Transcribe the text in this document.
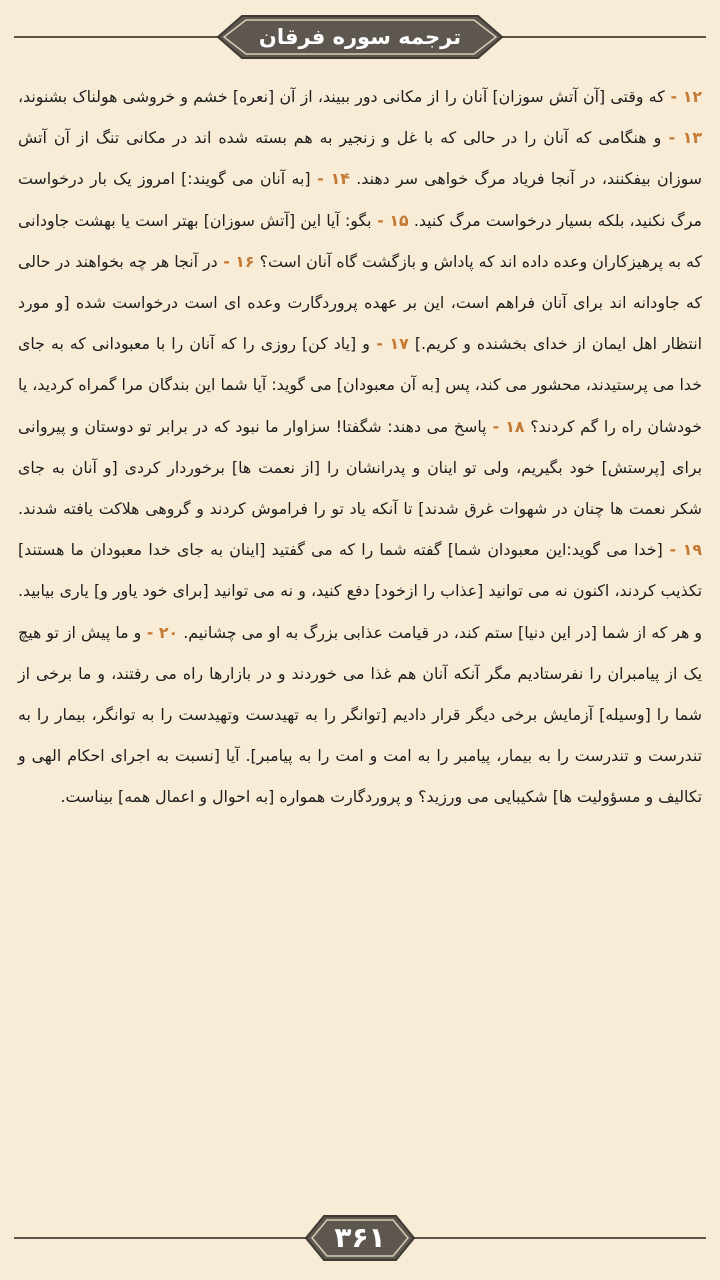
ترجمه سوره فرقان
۱۲ - که وقتی [آن آتش سوزان] آنان را از مکانی دور ببیند، از آن [نعره] خشم و خروشی هولناک بشنوند، ۱۳ - و هنگامی که آنان را در حالی که با غل و زنجیر به هم بسته شده اند در مکانی تنگ از آن آتش سوزان بیفکنند، در آنجا فریاد مرگ خواهی سر دهند. ۱۴ - [به آنان می گویند:] امروز یک بار درخواست مرگ نکنید، بلکه بسیار درخواست مرگ کنید. ۱۵ - بگو: آیا این [آتش سوزان] بهتر است یا بهشت جاودانی که به پرهیزکاران وعده داده اند که پاداش و بازگشت گاه آنان است؟ ۱۶ - در آنجا هر چه بخواهند در حالی که جاودانه اند برای آنان فراهم است، این بر عهده پروردگارت وعده ای است درخواست شده [و مورد انتظار اهل ایمان از خدای بخشنده و کریم.] ۱۷ - و [یاد کن] روزی را که آنان را با معبودانی که به جای خدا می پرستیدند، محشور می کند، پس [به آن معبودان] می گوید: آیا شما این بندگان مرا گمراه کردید، یا خودشان راه را گم کردند؟ ۱۸ - پاسخ می دهند: شگفتا! سزاوار ما نبود که در برابر تو دوستان و پیروانی برای [پرستش] خود بگیریم، ولی تو اینان و پدرانشان را [از نعمت ها] برخوردار کردی [و آنان به جای شکر نعمت ها چنان در شهوات غرق شدند] تا آنکه یاد تو را فراموش کردند و گروهی هلاکت یافته شدند. ۱۹ - [خدا می گوید:این معبودان شما] گفته شما را که می گفتید [اینان به جای خدا معبودان ما هستند] تکذیب کردند، اکنون نه می توانید [عذاب را ازخود] دفع کنید، و نه می توانید [برای خود یاور و] یاری بیابید. و هر که از شما [در این دنیا] ستم کند، در قیامت عذابی بزرگ به او می چشانیم. ۲۰ - و ما پیش از تو هیچ یک از پیامبران را نفرستادیم مگر آنکه آنان هم غذا می خوردند و در بازارها راه می رفتند، و ما برخی از شما را [وسیله] آزمایش برخی دیگر قرار دادیم [توانگر را به تهیدست وتهیدست را به توانگر، بیمار را به تندرست و تندرست را به بیمار، پیامبر را به امت و امت را به پیامبر]. آیا [نسبت به اجرای احکام الهی و تکالیف و مسؤولیت ها] شکیبایی می ورزید؟ و پروردگارت همواره [به احوال و اعمال همه] بیناست.
۳۶۱
